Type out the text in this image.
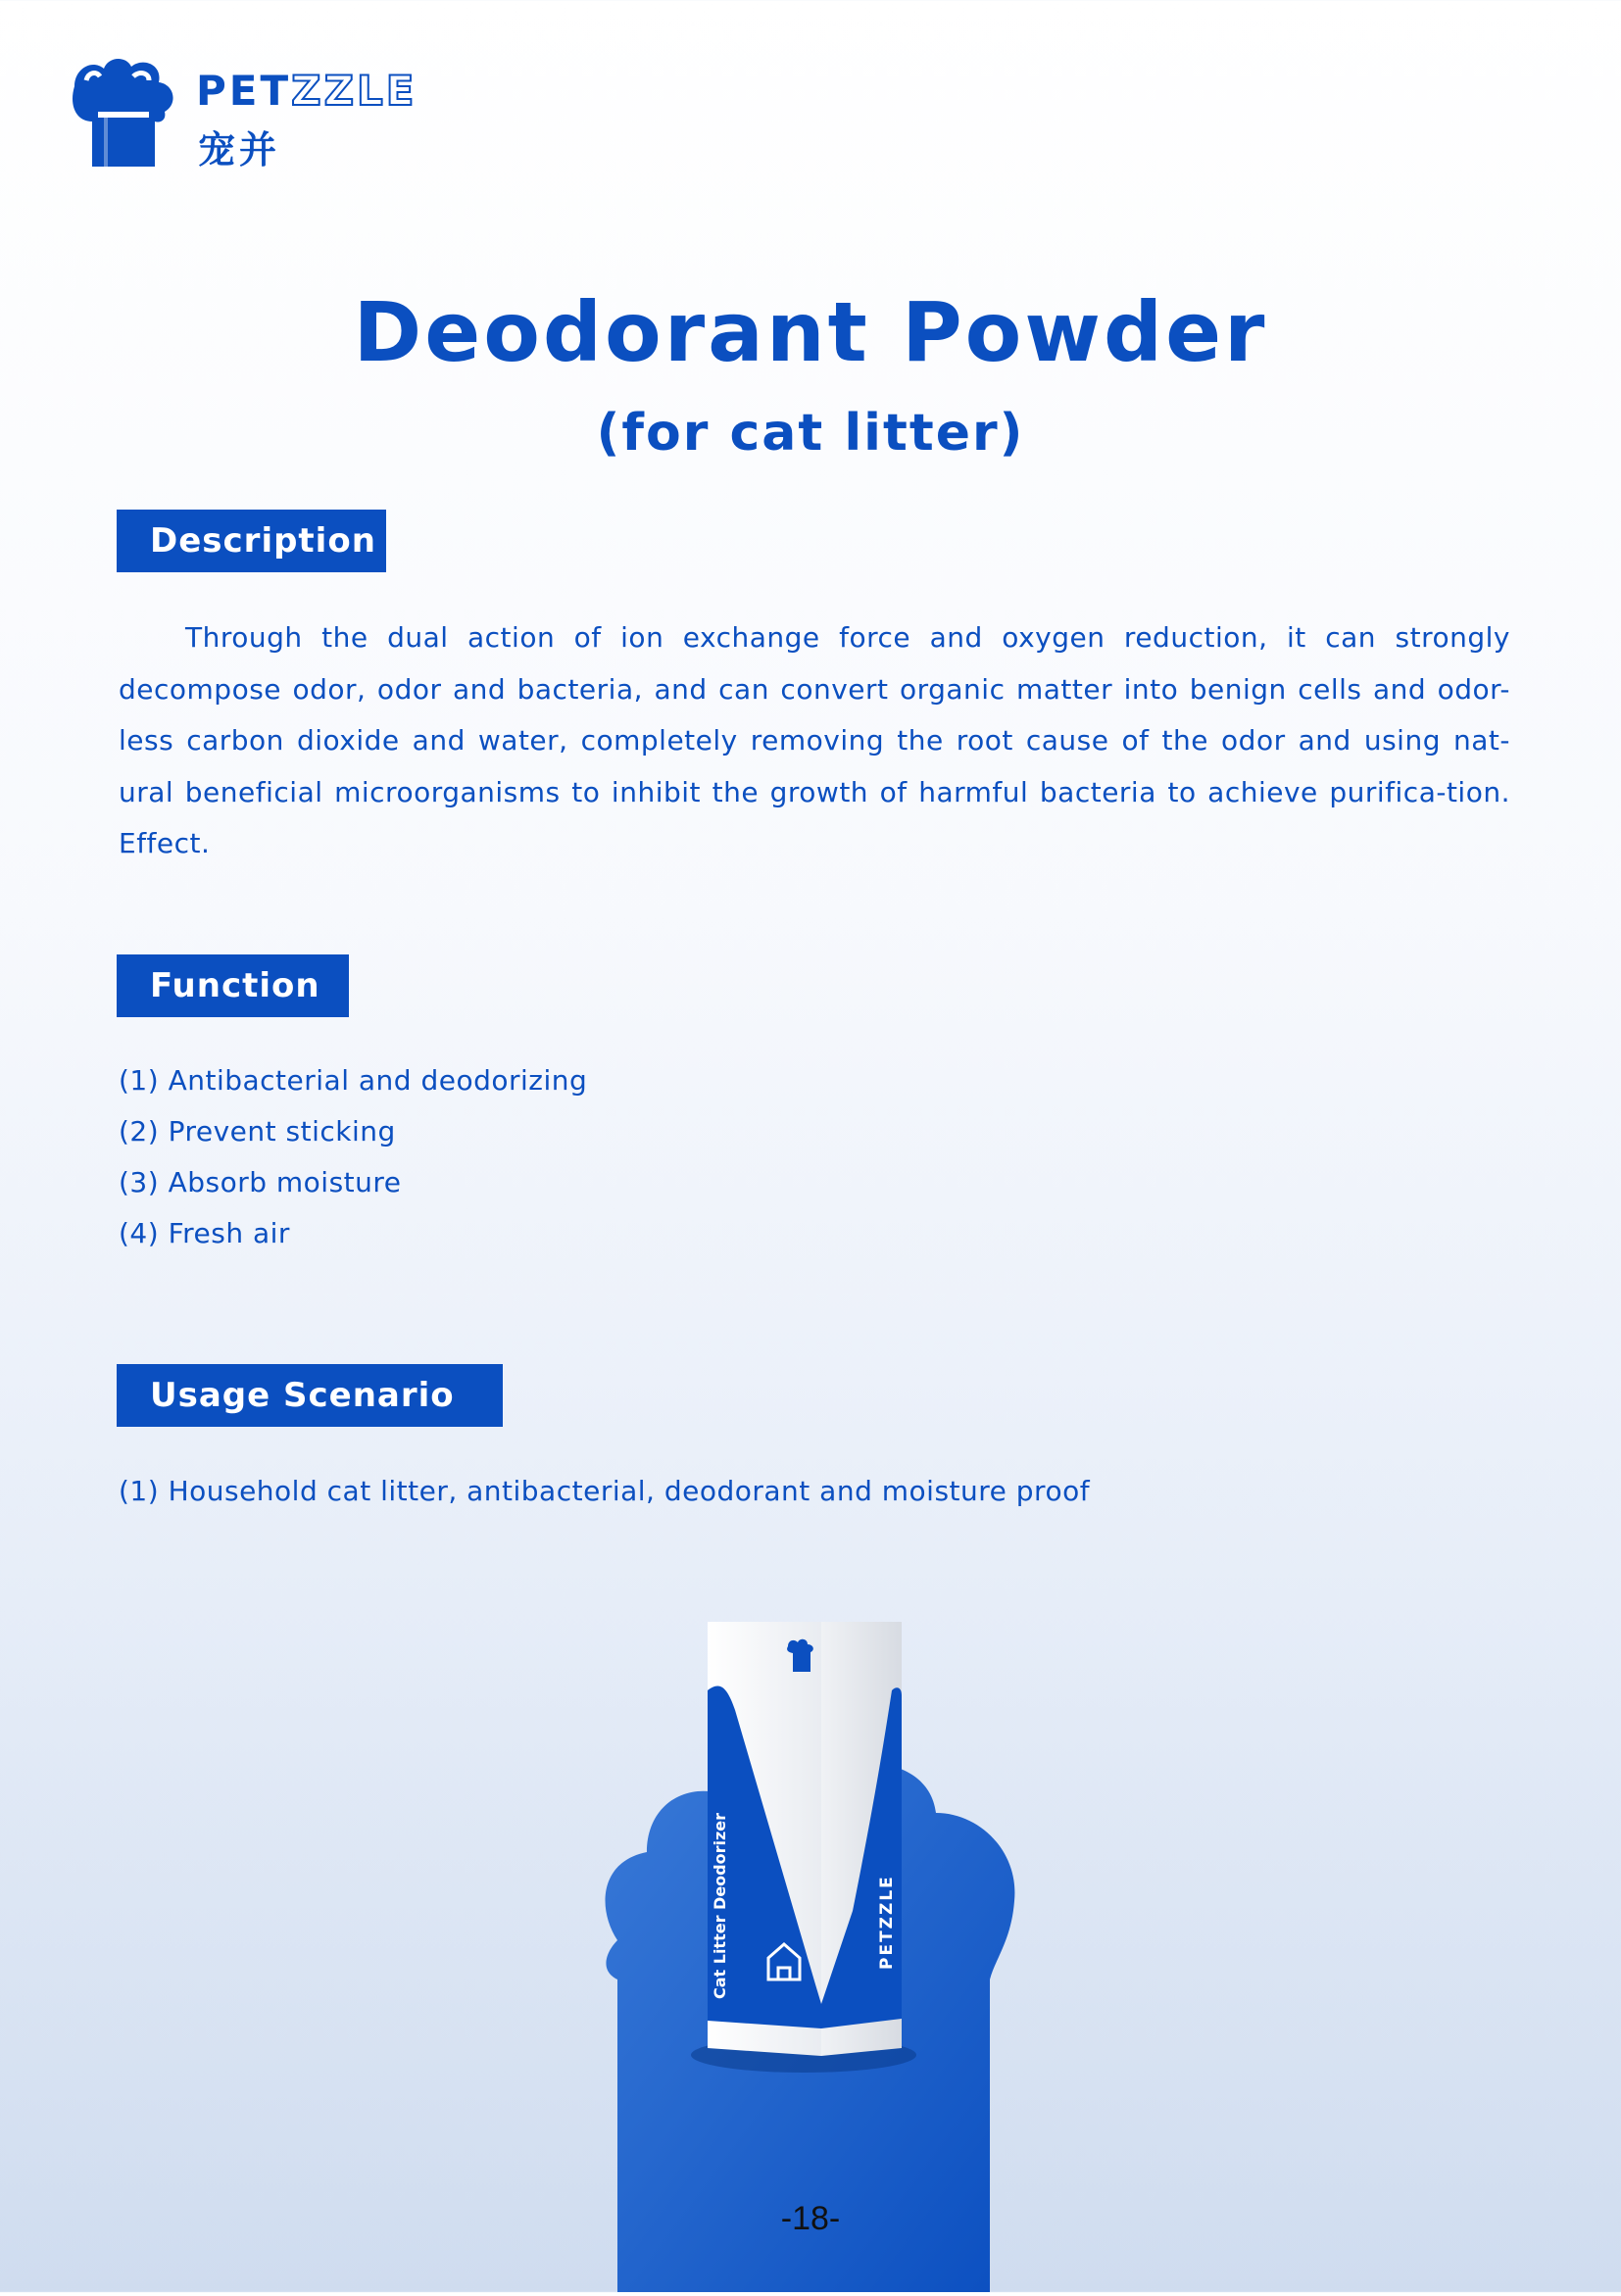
PETZZLE
宠并
Deodorant Powder
(for cat litter)
Description
Through the dual action of ion exchange force and oxygen reduction, it can strongly decompose odor, odor and bacteria, and can convert organic matter into benign cells and odor-less carbon dioxide and water, completely removing the root cause of the odor and using nat-ural beneficial microorganisms to inhibit the growth of harmful bacteria to achieve purifica-tion. Effect.
Function
(1) Antibacterial and deodorizing
(2) Prevent sticking
(3) Absorb moisture
(4) Fresh air
Usage Scenario
(1) Household cat litter, antibacterial, deodorant and moisture proof
Cat Litter Deodorizer	PETZZLE
-18-
